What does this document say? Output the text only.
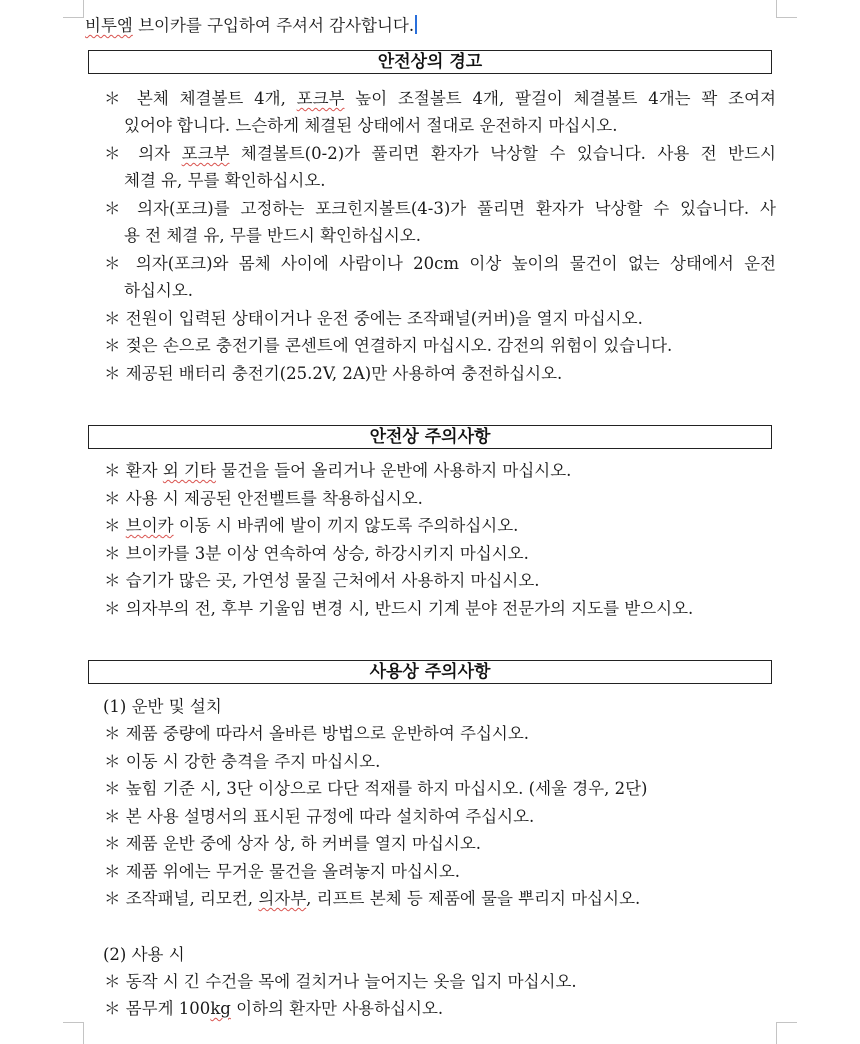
비투엠 브이카를 구입하여 주셔서 감사합니다.
안전상의 경고
＊ 본체 체결볼트 4개, 포크부 높이 조절볼트 4개, 팔걸이 체결볼트 4개는 꽉 조여져
있어야 합니다. 느슨하게 체결된 상태에서 절대로 운전하지 마십시오.
＊ 의자 포크부 체결볼트(0-2)가 풀리면 환자가 낙상할 수 있습니다. 사용 전 반드시
체결 유, 무를 확인하십시오.
＊ 의자(포크)를 고정하는 포크힌지볼트(4-3)가 풀리면 환자가 낙상할 수 있습니다. 사
용 전 체결 유, 무를 반드시 확인하십시오.
＊ 의자(포크)와 몸체 사이에 사람이나 20cm 이상 높이의 물건이 없는 상태에서 운전
하십시오.
＊ 전원이 입력된 상태이거나 운전 중에는 조작패널(커버)을 열지 마십시오.
＊ 젖은 손으로 충전기를 콘센트에 연결하지 마십시오. 감전의 위험이 있습니다.
＊ 제공된 배터리 충전기(25.2V, 2A)만 사용하여 충전하십시오.
안전상 주의사항
＊ 환자 외 기타 물건을 들어 올리거나 운반에 사용하지 마십시오.
＊ 사용 시 제공된 안전벨트를 착용하십시오.
＊ 브이카 이동 시 바퀴에 발이 끼지 않도록 주의하십시오.
＊ 브이카를 3분 이상 연속하여 상승, 하강시키지 마십시오.
＊ 습기가 많은 곳, 가연성 물질 근처에서 사용하지 마십시오.
＊ 의자부의 전, 후부 기울임 변경 시, 반드시 기계 분야 전문가의 지도를 받으시오.
사용상 주의사항
(1) 운반 및 설치
＊ 제품 중량에 따라서 올바른 방법으로 운반하여 주십시오.
＊ 이동 시 강한 충격을 주지 마십시오.
＊ 높힘 기준 시, 3단 이상으로 다단 적재를 하지 마십시오. (세울 경우, 2단)
＊ 본 사용 설명서의 표시된 규정에 따라 설치하여 주십시오.
＊ 제품 운반 중에 상자 상, 하 커버를 열지 마십시오.
＊ 제품 위에는 무거운 물건을 올려놓지 마십시오.
＊ 조작패널, 리모컨, 의자부, 리프트 본체 등 제품에 물을 뿌리지 마십시오.
(2) 사용 시
＊ 동작 시 긴 수건을 목에 걸치거나 늘어지는 옷을 입지 마십시오.
＊ 몸무게 100kg 이하의 환자만 사용하십시오.
